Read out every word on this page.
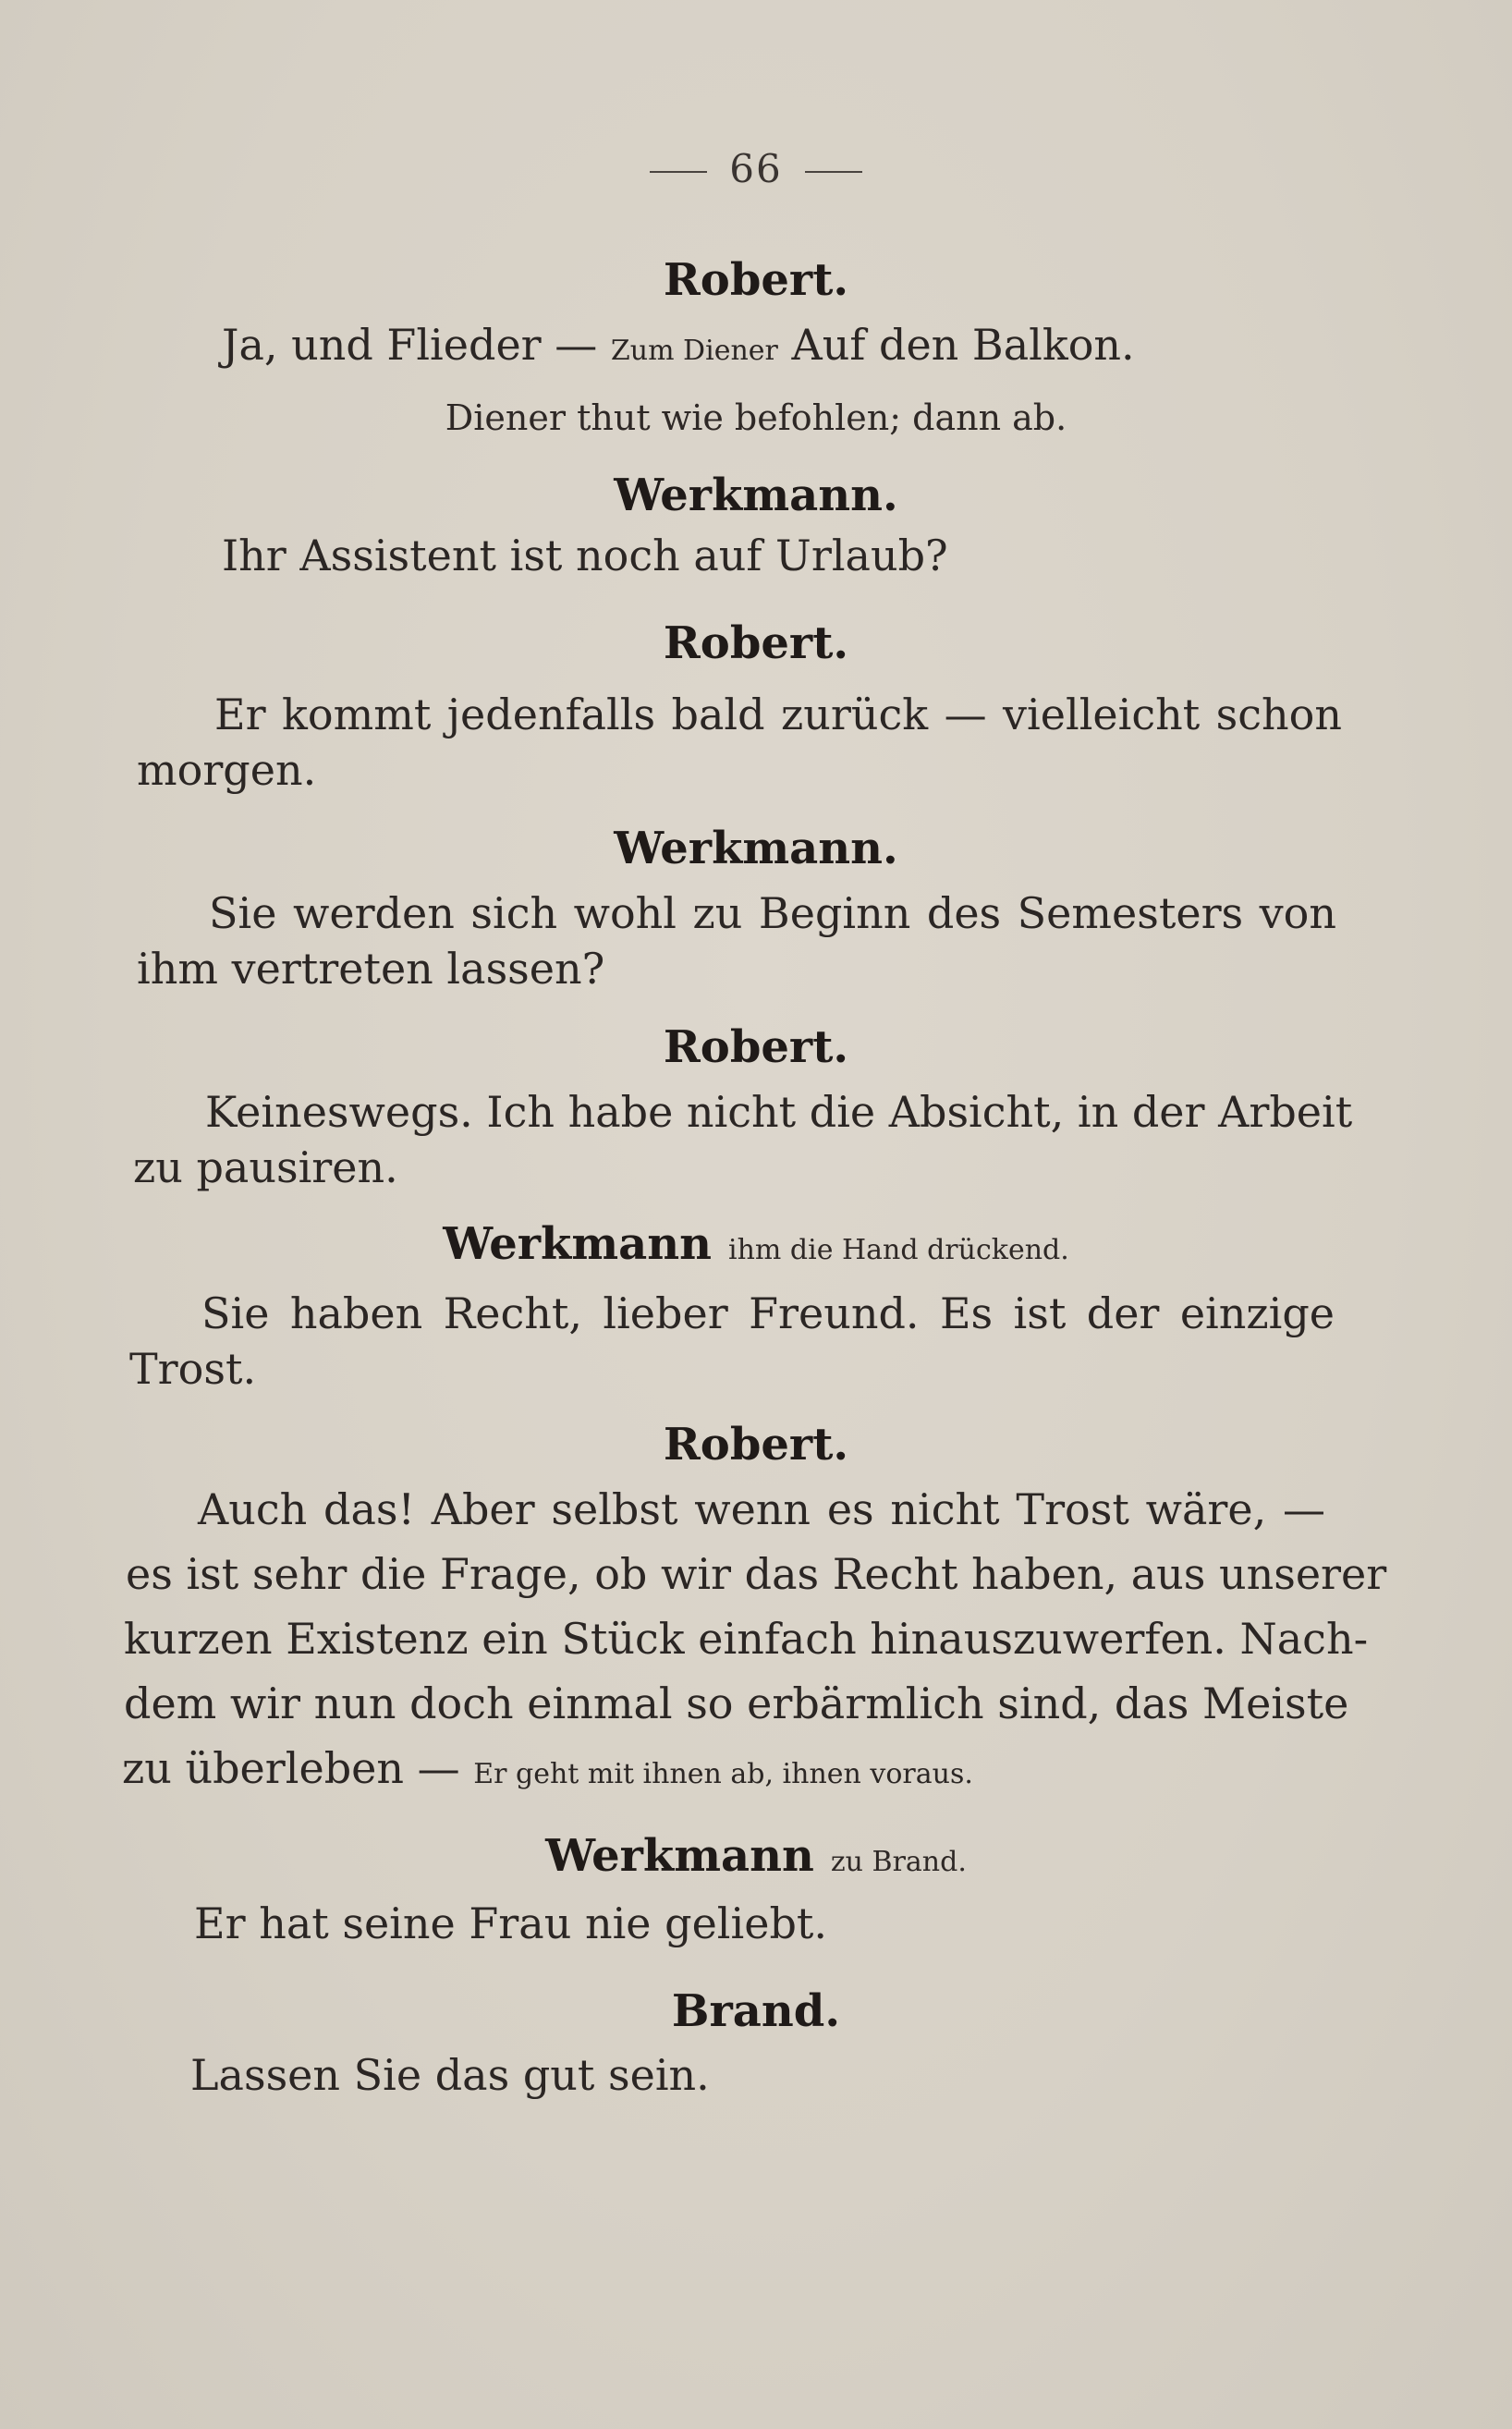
66
Robert.
Ja, und Flieder — Zum Diener Auf den Balkon.
Diener thut wie befohlen; dann ab.
Werkmann.
Ihr Assistent ist noch auf Urlaub?
Robert.
Er kommt jedenfalls bald zurück — vielleicht schon
morgen.
Werkmann.
Sie werden sich wohl zu Beginn des Semesters von
ihm vertreten lassen?
Robert.
Keineswegs. Ich habe nicht die Absicht, in der Arbeit
zu pausiren.
Werkmann ihm die Hand drückend.
Sie haben Recht, lieber Freund. Es ist der einzige
Trost.
Robert.
Auch das! Aber selbst wenn es nicht Trost wäre, —
es ist sehr die Frage, ob wir das Recht haben, aus unserer
kurzen Existenz ein Stück einfach hinauszuwerfen. Nach-
dem wir nun doch einmal so erbärmlich sind, das Meiste
zu überleben — Er geht mit ihnen ab, ihnen voraus.
Werkmann zu Brand.
Er hat seine Frau nie geliebt.
Brand.
Lassen Sie das gut sein.
